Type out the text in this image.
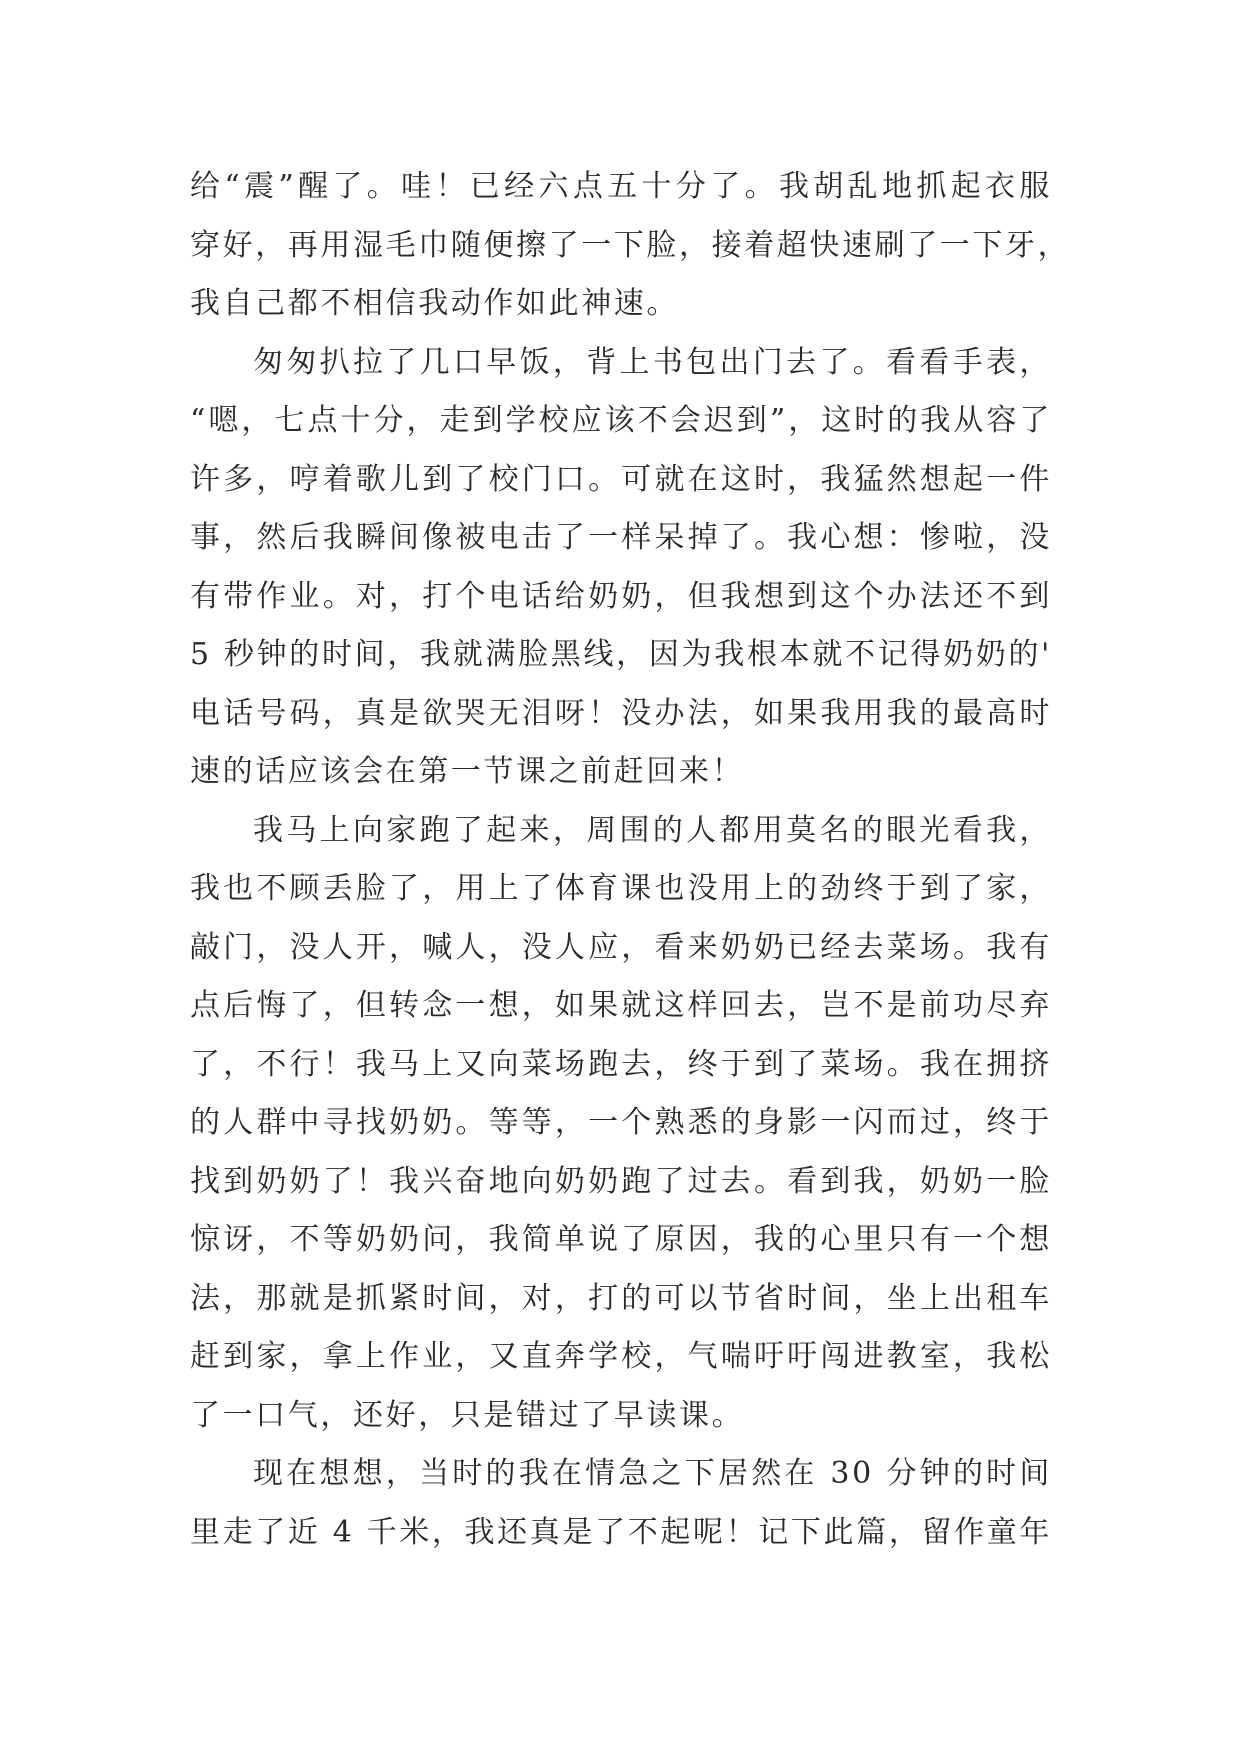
给“震”醒了。哇！已经六点五十分了。我胡乱地抓起衣服
穿好，再用湿毛巾随便擦了一下脸，接着超快速刷了一下牙，
我自己都不相信我动作如此神速。
匆匆扒拉了几口早饭，背上书包出门去了。看看手表，
“嗯，七点十分，走到学校应该不会迟到”，这时的我从容了
许多，哼着歌儿到了校门口。可就在这时，我猛然想起一件
事，然后我瞬间像被电击了一样呆掉了。我心想：惨啦，没
有带作业。对，打个电话给奶奶，但我想到这个办法还不到
5 秒钟的时间，我就满脸黑线，因为我根本就不记得奶奶的'
电话号码，真是欲哭无泪呀！没办法，如果我用我的最高时
速的话应该会在第一节课之前赶回来！
我马上向家跑了起来，周围的人都用莫名的眼光看我，
我也不顾丢脸了，用上了体育课也没用上的劲终于到了家，
敲门，没人开，喊人，没人应，看来奶奶已经去菜场。我有
点后悔了，但转念一想，如果就这样回去，岂不是前功尽弃
了，不行！我马上又向菜场跑去，终于到了菜场。我在拥挤
的人群中寻找奶奶。等等，一个熟悉的身影一闪而过，终于
找到奶奶了！我兴奋地向奶奶跑了过去。看到我，奶奶一脸
惊讶，不等奶奶问，我简单说了原因，我的心里只有一个想
法，那就是抓紧时间，对，打的可以节省时间，坐上出租车
赶到家，拿上作业，又直奔学校，气喘吁吁闯进教室，我松
了一口气，还好，只是错过了早读课。
现在想想，当时的我在情急之下居然在 30 分钟的时间
里走了近 4 千米，我还真是了不起呢！记下此篇，留作童年
